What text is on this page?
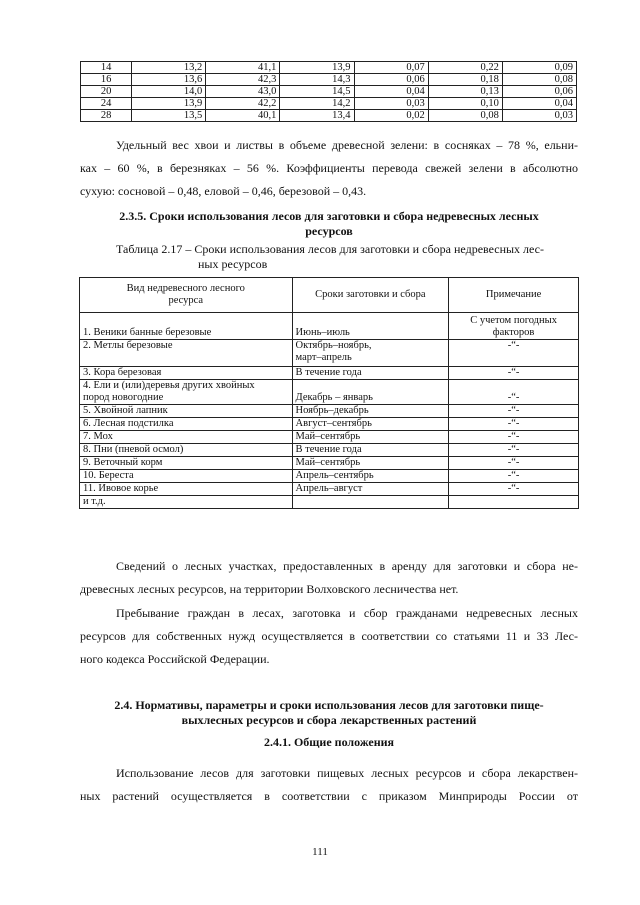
14	13,2	41,1	13,9	0,07	0,22	0,09
16	13,6	42,3	14,3	0,06	0,18	0,08
20	14,0	43,0	14,5	0,04	0,13	0,06
24	13,9	42,2	14,2	0,03	0,10	0,04
28	13,5	40,1	13,4	0,02	0,08	0,03
Удельный вес хвои и листвы в объеме древесной зелени: в сосняках – 78 %, ельни-
ках – 60 %, в березняках – 56 %. Коэффициенты перевода свежей зелени в абсолютно
сухую: сосновой – 0,48, еловой – 0,46, березовой – 0,43.
2.3.5. Сроки использования лесов для заготовки и сбора недревесных лесных
ресурсов
Таблица 2.17 – Сроки использования лесов для заготовки и сбора недревесных лес-
ных ресурсов
Вид недревесного лесного
ресурса	Сроки заготовки и сбора	Примечание
1. Веники банные березовые	Июнь–июль	С учетом погодных
факторов

2. Метлы березовые	Октябрь–ноябрь,
март–апрель	-“-
3. Кора березовая	В течение года	-“-

4. Ели и (или)деревья других хвойных
пород новогодние	Декабрь – январь	-“-
5. Хвойной лапник	Ноябрь–декабрь	-“-
6. Лесная подстилка	Август–сентябрь	-“-
7. Мох	Май–сентябрь	-“-
8. Пни (пневой осмол)	В течение года	-“-
9. Веточный корм	Май–сентябрь	-“-
10. Береста	Апрель–сентябрь	-“-
11. Ивовое корье	Апрель–август	-“-
и т.д.		
Сведений о лесных участках, предоставленных в аренду для заготовки и сбора не-
древесных лесных ресурсов, на территории Волховского лесничества нет.
Пребывание граждан в лесах, заготовка и сбор гражданами недревесных лесных
ресурсов для собственных нужд осуществляется в соответствии со статьями 11 и 33 Лес-
ного кодекса Российской Федерации.
2.4. Нормативы, параметры и сроки использования лесов для заготовки пище-
выхлесных ресурсов и сбора лекарственных растений
2.4.1. Общие положения
Использование лесов для заготовки пищевых лесных ресурсов и сбора лекарствен-
ных растений осуществляется в соответствии с приказом Минприроды России от
111
